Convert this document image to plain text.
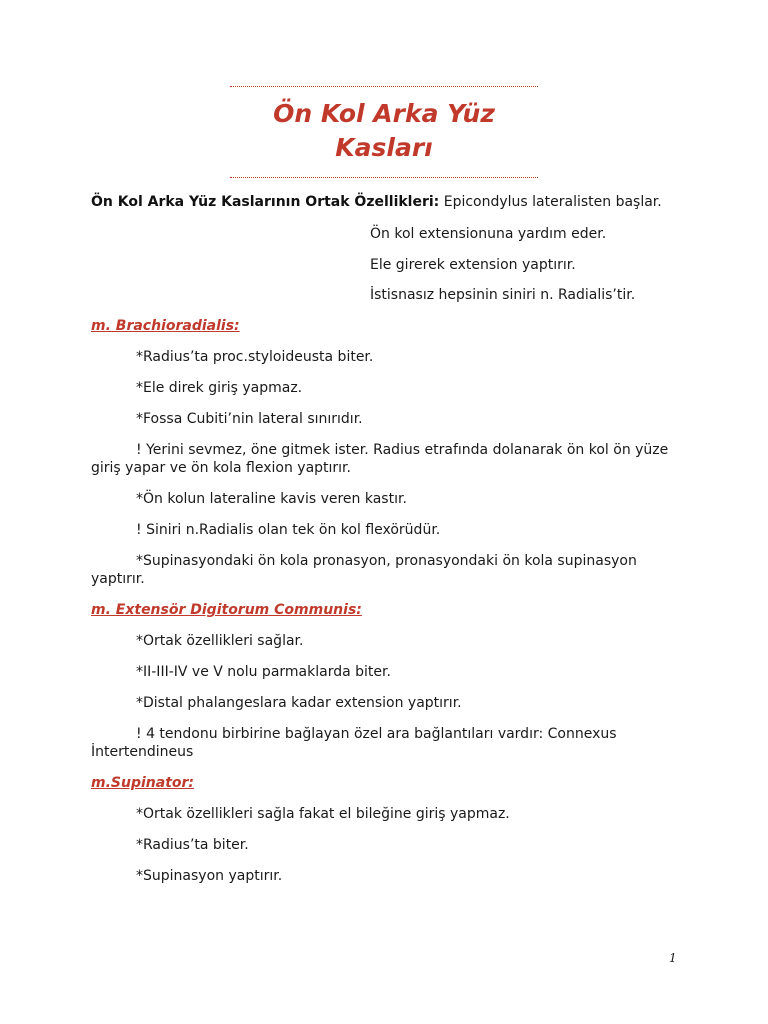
Ön Kol Arka Yüz
Kasları
Ön Kol Arka Yüz Kaslarının Ortak Özellikleri: Epicondylus lateralisten başlar.
Ön kol extensionuna yardım eder.
Ele girerek extension yaptırır.
İstisnasız hepsinin siniri n. Radialis’tir.
m. Brachioradialis:
*Radius’ta proc.styloideusta biter.
*Ele direk giriş yapmaz.
*Fossa Cubiti’nin lateral sınırıdır.
! Yerini sevmez, öne gitmek ister. Radius etrafında dolanarak ön kol ön yüze giriş yapar ve ön kola flexion yaptırır.
*Ön kolun lateraline kavis veren kastır.
! Siniri n.Radialis olan tek ön kol flexörüdür.
*Supinasyondaki ön kola pronasyon, pronasyondaki ön kola supinasyon yaptırır.
m. Extensör Digitorum Communis:
*Ortak özellikleri sağlar.
*II-III-IV ve V nolu parmaklarda biter.
*Distal phalangeslara kadar extension yaptırır.
! 4 tendonu birbirine bağlayan özel ara bağlantıları vardır: Connexus İntertendineus
m.Supinator:
*Ortak özellikleri sağla fakat el bileğine giriş yapmaz.
*Radius’ta biter.
*Supinasyon yaptırır.
1
